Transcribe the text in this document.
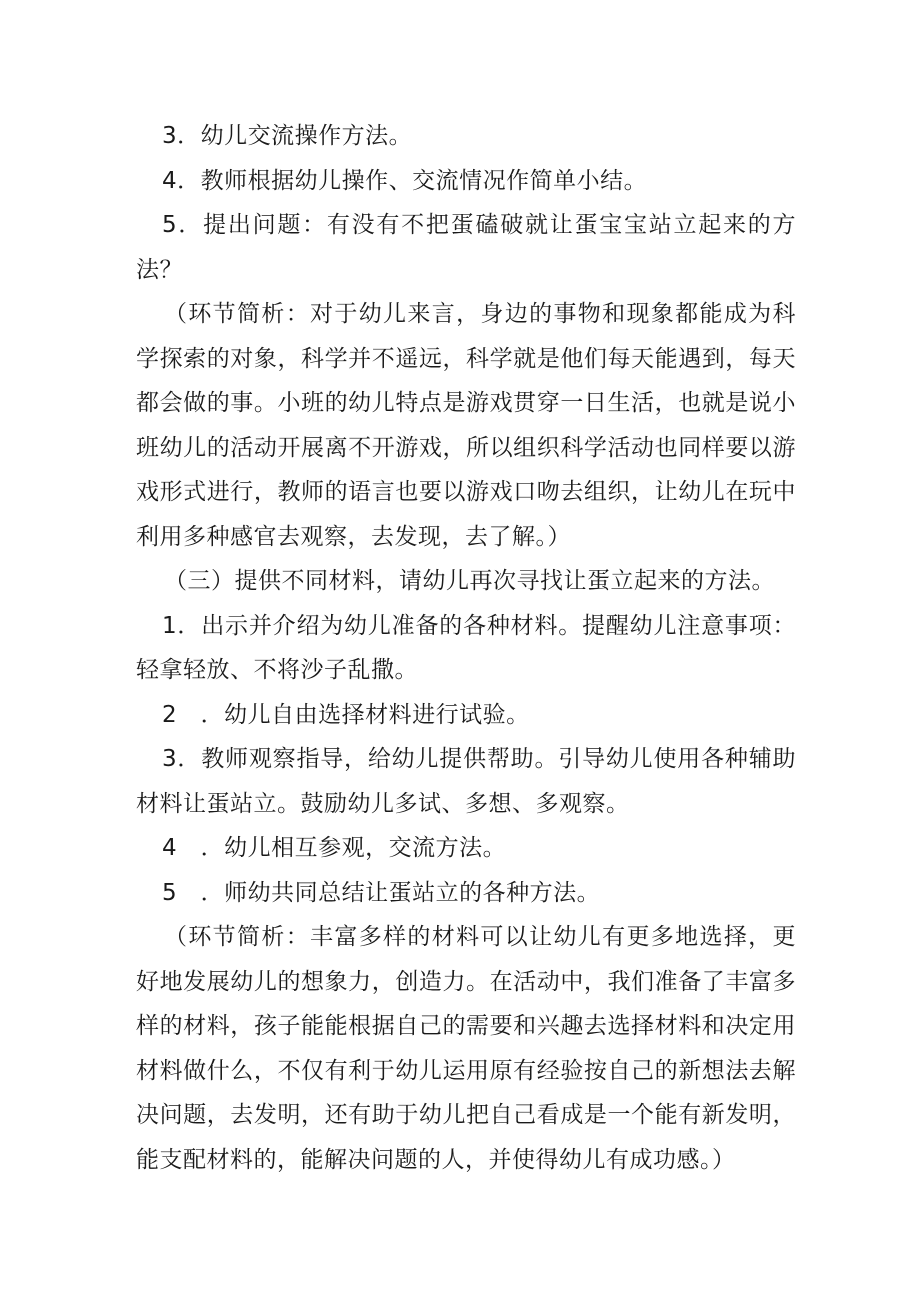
3．幼儿交流操作方法。

4．教师根据幼儿操作、交流情况作简单小结。

5．提出问题：有没有不把蛋磕破就让蛋宝宝站立起来的方法？

（环节简析：对于幼儿来言，身边的事物和现象都能成为科学探索的对象，科学并不遥远，科学就是他们每天能遇到，每天都会做的事。小班的幼儿特点是游戏贯穿一日生活，也就是说小班幼儿的活动开展离不开游戏，所以组织科学活动也同样要以游戏形式进行，教师的语言也要以游戏口吻去组织，让幼儿在玩中利用多种感官去观察，去发现，去了解。）

（三）提供不同材料，请幼儿再次寻找让蛋立起来的方法。

1．出示并介绍为幼儿准备的各种材料。提醒幼儿注意事项：轻拿轻放、不将沙子乱撒。

2　．幼儿自由选择材料进行试验。

3．教师观察指导，给幼儿提供帮助。引导幼儿使用各种辅助材料让蛋站立。鼓励幼儿多试、多想、多观察。

4　．幼儿相互参观，交流方法。

5　．师幼共同总结让蛋站立的各种方法。

（环节简析：丰富多样的材料可以让幼儿有更多地选择，更好地发展幼儿的想象力，创造力。在活动中，我们准备了丰富多样的材料，孩子能能根据自己的需要和兴趣去选择材料和决定用材料做什么，不仅有利于幼儿运用原有经验按自己的新想法去解决问题，去发明，还有助于幼儿把自己看成是一个能有新发明，能支配材料的，能解决问题的人，并使得幼儿有成功感。）
